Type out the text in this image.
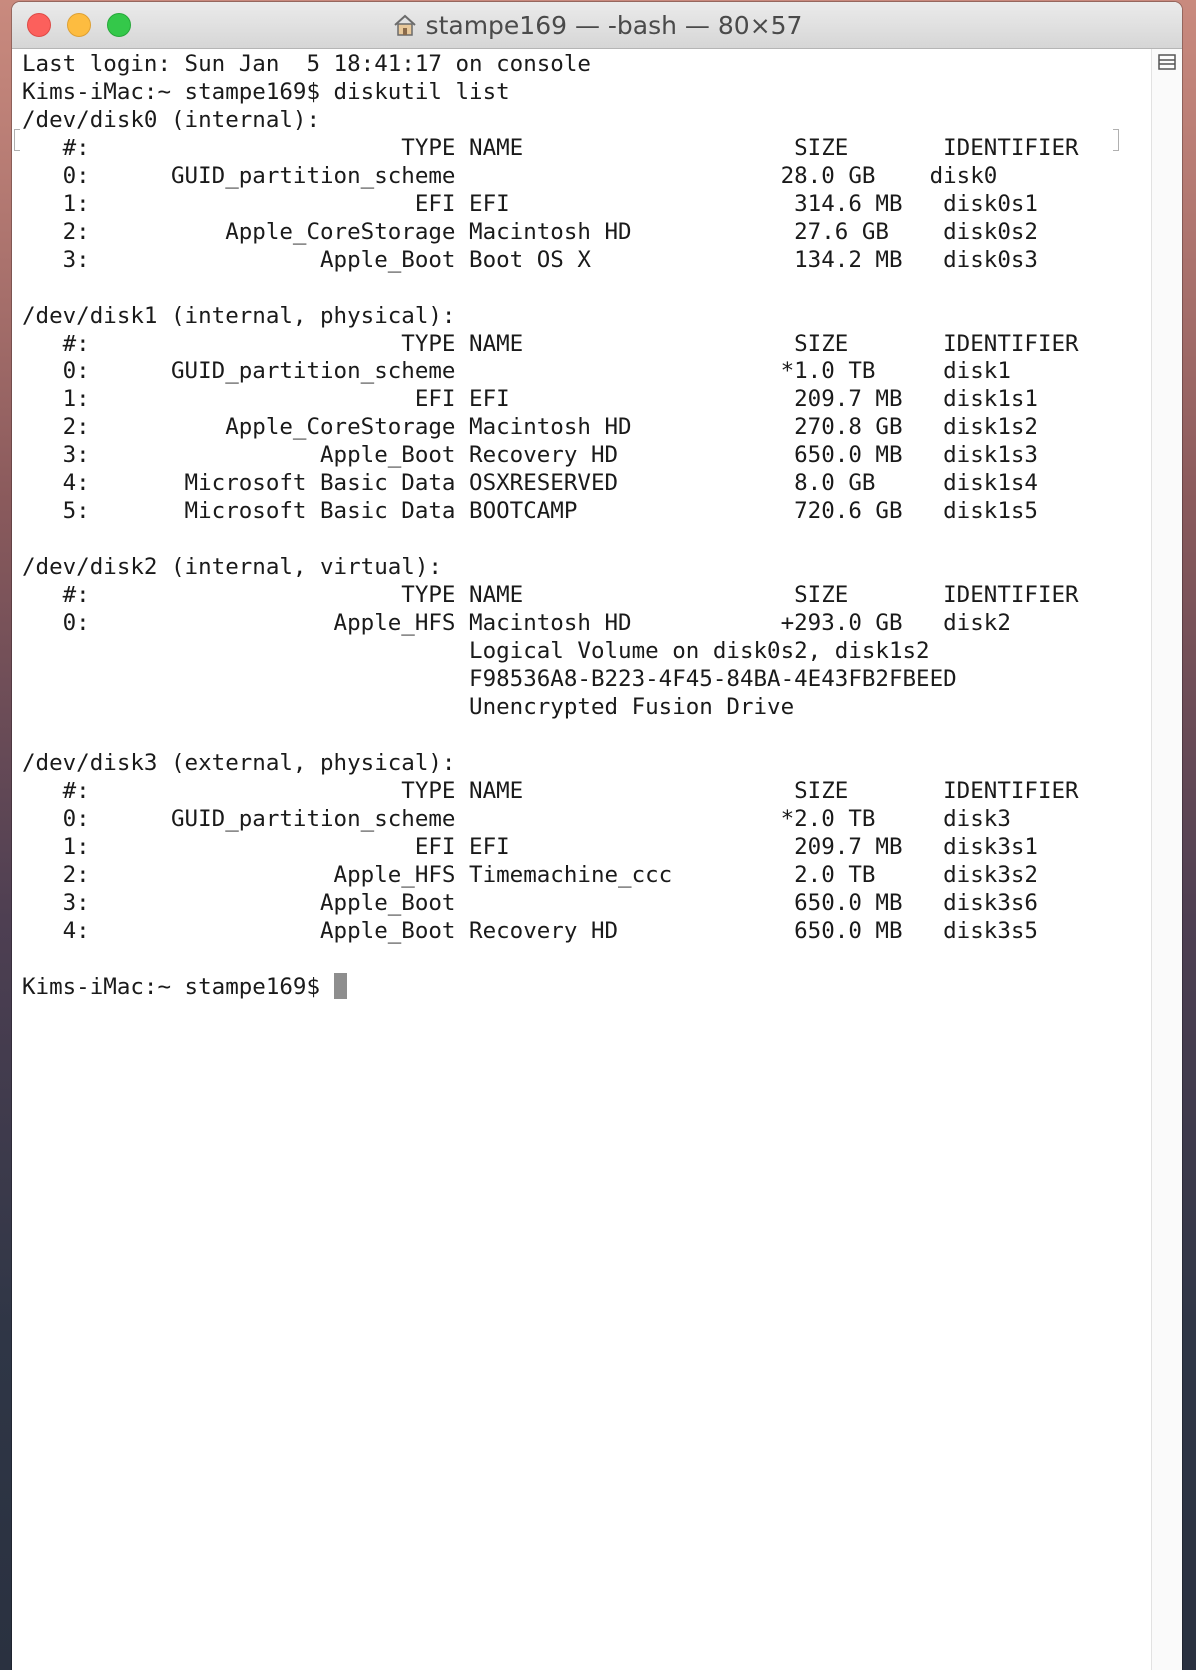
stampe169 — -bash — 80×57
Last login: Sun Jan  5 18:41:17 on console
Kims-iMac:~ stampe169$ diskutil list
/dev/disk0 (internal):
#:                       TYPE NAME                    SIZE       IDENTIFIER
0:      GUID_partition_scheme                        28.0 GB    disk0
1:                        EFI EFI                     314.6 MB   disk0s1
2:          Apple_CoreStorage Macintosh HD            27.6 GB    disk0s2
3:                 Apple_Boot Boot OS X               134.2 MB   disk0s3

/dev/disk1 (internal, physical):
#:                       TYPE NAME                    SIZE       IDENTIFIER
0:      GUID_partition_scheme                        *1.0 TB     disk1
1:                        EFI EFI                     209.7 MB   disk1s1
2:          Apple_CoreStorage Macintosh HD            270.8 GB   disk1s2
3:                 Apple_Boot Recovery HD             650.0 MB   disk1s3
4:       Microsoft Basic Data OSXRESERVED             8.0 GB     disk1s4
5:       Microsoft Basic Data BOOTCAMP                720.6 GB   disk1s5

/dev/disk2 (internal, virtual):
#:                       TYPE NAME                    SIZE       IDENTIFIER
0:                  Apple_HFS Macintosh HD           +293.0 GB   disk2
Logical Volume on disk0s2, disk1s2
F98536A8-B223-4F45-84BA-4E43FB2FBEED
Unencrypted Fusion Drive

/dev/disk3 (external, physical):
#:                       TYPE NAME                    SIZE       IDENTIFIER
0:      GUID_partition_scheme                        *2.0 TB     disk3
1:                        EFI EFI                     209.7 MB   disk3s1
2:                  Apple_HFS Timemachine_ccc         2.0 TB     disk3s2
3:                 Apple_Boot                         650.0 MB   disk3s6
4:                 Apple_Boot Recovery HD             650.0 MB   disk3s5

Kims-iMac:~ stampe169$
